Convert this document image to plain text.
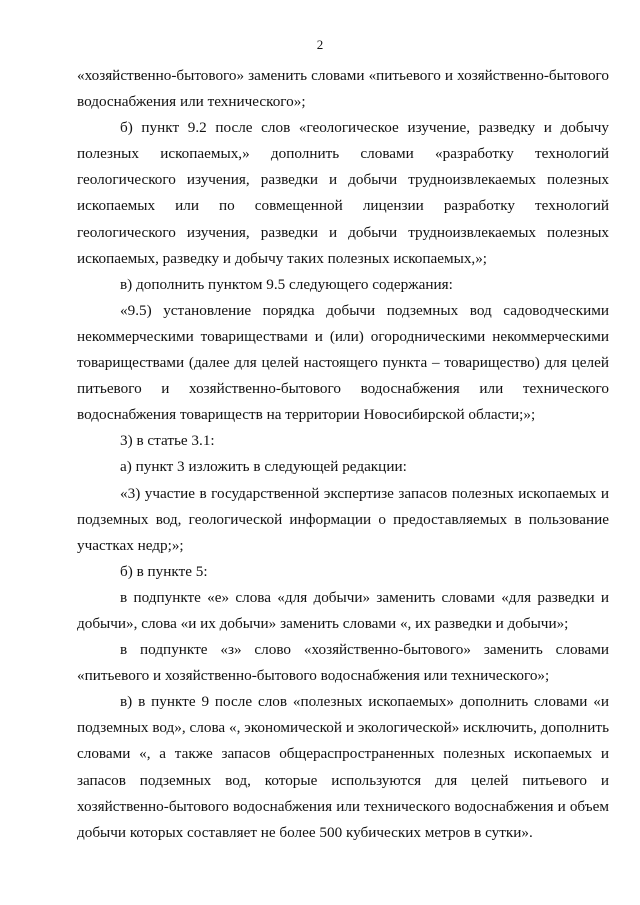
2

«хозяйственно-бытового» заменить словами «питьевого и хозяйственно-бытового водоснабжения или технического»;

б) пункт 9.2 после слов «геологическое изучение, разведку и добычу полезных ископаемых,» дополнить словами «разработку технологий геологического изучения, разведки и добычи трудноизвлекаемых полезных ископаемых или по совмещенной лицензии разработку технологий геологического изучения, разведки и добычи трудноизвлекаемых полезных ископаемых, разведку и добычу таких полезных ископаемых,»;

в) дополнить пунктом 9.5 следующего содержания:

«9.5) установление порядка добычи подземных вод садоводческими некоммерческими товариществами и (или) огородническими некоммерческими товариществами (далее для целей настоящего пункта – товарищество) для целей питьевого и хозяйственно-бытового водоснабжения или технического водоснабжения товариществ на территории Новосибирской области;»;

3) в статье 3.1:

а) пункт 3 изложить в следующей редакции:

«3) участие в государственной экспертизе запасов полезных ископаемых и подземных вод, геологической информации о предоставляемых в пользование участках недр;»;

б) в пункте 5:

в подпункте «е» слова «для добычи» заменить словами «для разведки и добычи», слова «и их добычи» заменить словами «, их разведки и добычи»;

в подпункте «з» слово «хозяйственно-бытового» заменить словами «питьевого и хозяйственно-бытового водоснабжения или технического»;

в) в пункте 9 после слов «полезных ископаемых» дополнить словами «и подземных вод», слова «, экономической и экологической» исключить, дополнить словами «, а также запасов общераспространенных полезных ископаемых и запасов подземных вод, которые используются для целей питьевого и хозяйственно-бытового водоснабжения или технического водоснабжения и объем добычи которых составляет не более 500 кубических метров в сутки».
